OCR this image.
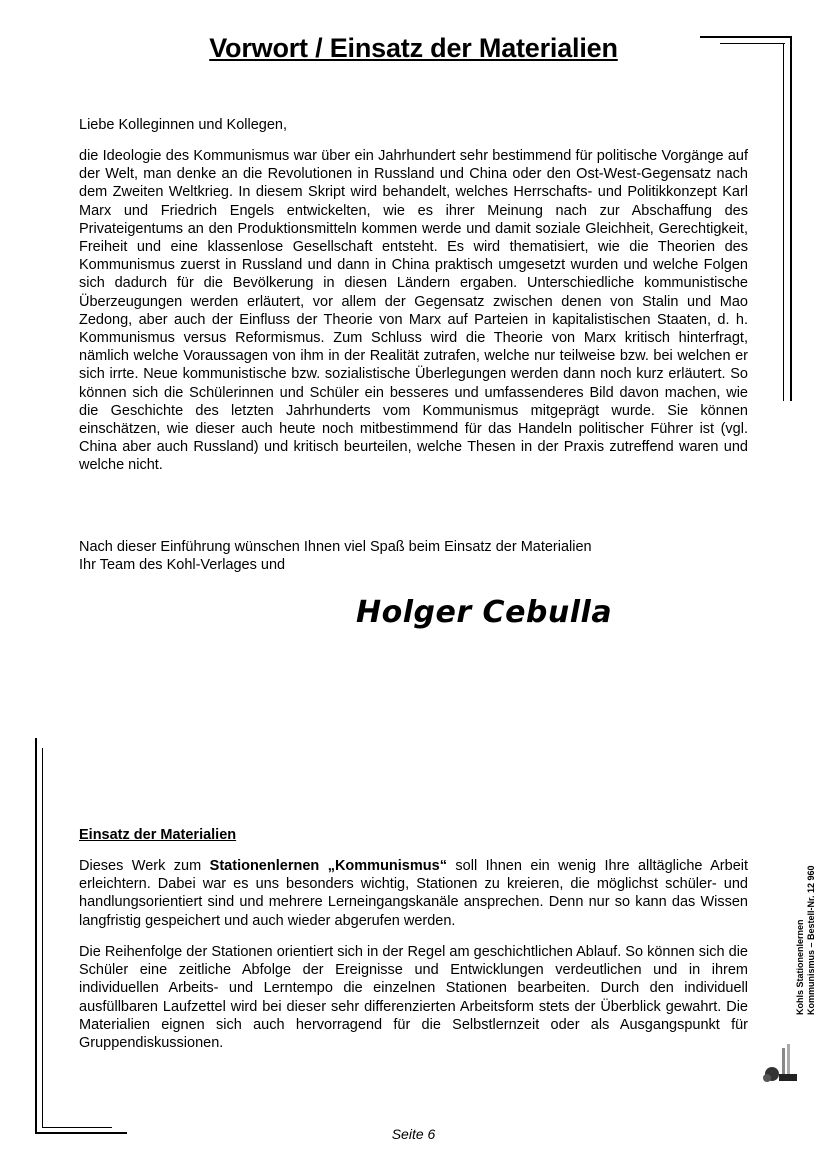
Vorwort / Einsatz der Materialien
Liebe Kolleginnen und Kollegen,
die Ideologie des Kommunismus war über ein Jahrhundert sehr bestimmend für politische Vorgänge auf der Welt, man denke an die Revolutionen in Russland und China oder den Ost-West-Gegensatz nach dem Zweiten Weltkrieg. In diesem Skript wird behandelt, welches Herrschafts- und Politikkonzept Karl Marx und Friedrich Engels entwickelten, wie es ihrer Meinung nach zur Abschaffung des Privateigentums an den Produktionsmitteln kommen werde und damit soziale Gleichheit, Gerechtigkeit, Freiheit und eine klassenlose Gesellschaft entsteht. Es wird thematisiert, wie die Theorien des Kommunismus zuerst in Russland und dann in China praktisch umgesetzt wurden und welche Folgen sich dadurch für die Bevölkerung in diesen Ländern ergaben. Unterschiedliche kommunistische Überzeugungen werden erläutert, vor allem der Gegensatz zwischen denen von Stalin und Mao Zedong, aber auch der Einfluss der Theorie von Marx auf Parteien in kapitalistischen Staaten, d. h. Kommunismus versus Reformismus. Zum Schluss wird die Theorie von Marx kritisch hinterfragt, nämlich welche Voraussagen von ihm in der Realität zutrafen, welche nur teilweise bzw. bei welchen er sich irrte. Neue kommunistische bzw. sozialistische Überlegungen werden dann noch kurz erläutert. So können sich die Schülerinnen und Schüler ein besseres und umfassenderes Bild davon machen, wie die Geschichte des letzten Jahrhunderts vom Kommunismus mitgeprägt wurde. Sie können einschätzen, wie dieser auch heute noch mitbestimmend für das Handeln politischer Führer ist (vgl. China aber auch Russland) und kritisch beurteilen, welche Thesen in der Praxis zutreffend waren und welche nicht.
Nach dieser Einführung wünschen Ihnen viel Spaß beim Einsatz der Materialien
Ihr Team des Kohl-Verlages und
Holger Cebulla
Einsatz der Materialien
Dieses Werk zum Stationenlernen „Kommunismus“ soll Ihnen ein wenig Ihre alltägliche Arbeit erleichtern. Dabei war es uns besonders wichtig, Stationen zu kreieren, die möglichst schüler- und handlungsorientiert sind und mehrere Lerneingangskanäle ansprechen. Denn nur so kann das Wissen langfristig gespeichert und auch wieder abgerufen werden.
Die Reihenfolge der Stationen orientiert sich in der Regel am geschichtlichen Ablauf. So können sich die Schüler eine zeitliche Abfolge der Ereignisse und Entwicklungen verdeutlichen und in ihrem individuellen Arbeits- und Lerntempo die einzelnen Stationen bearbeiten. Durch den individuell ausfüllbaren Laufzettel wird bei dieser sehr differenzierten Arbeitsform stets der Überblick gewahrt. Die Materialien eignen sich auch hervorragend für die Selbstlernzeit oder als Ausgangspunkt für Gruppendiskussionen.
Kohls Stationenlernen Kommunismus – Bestell-Nr. 12 960
Seite 6
